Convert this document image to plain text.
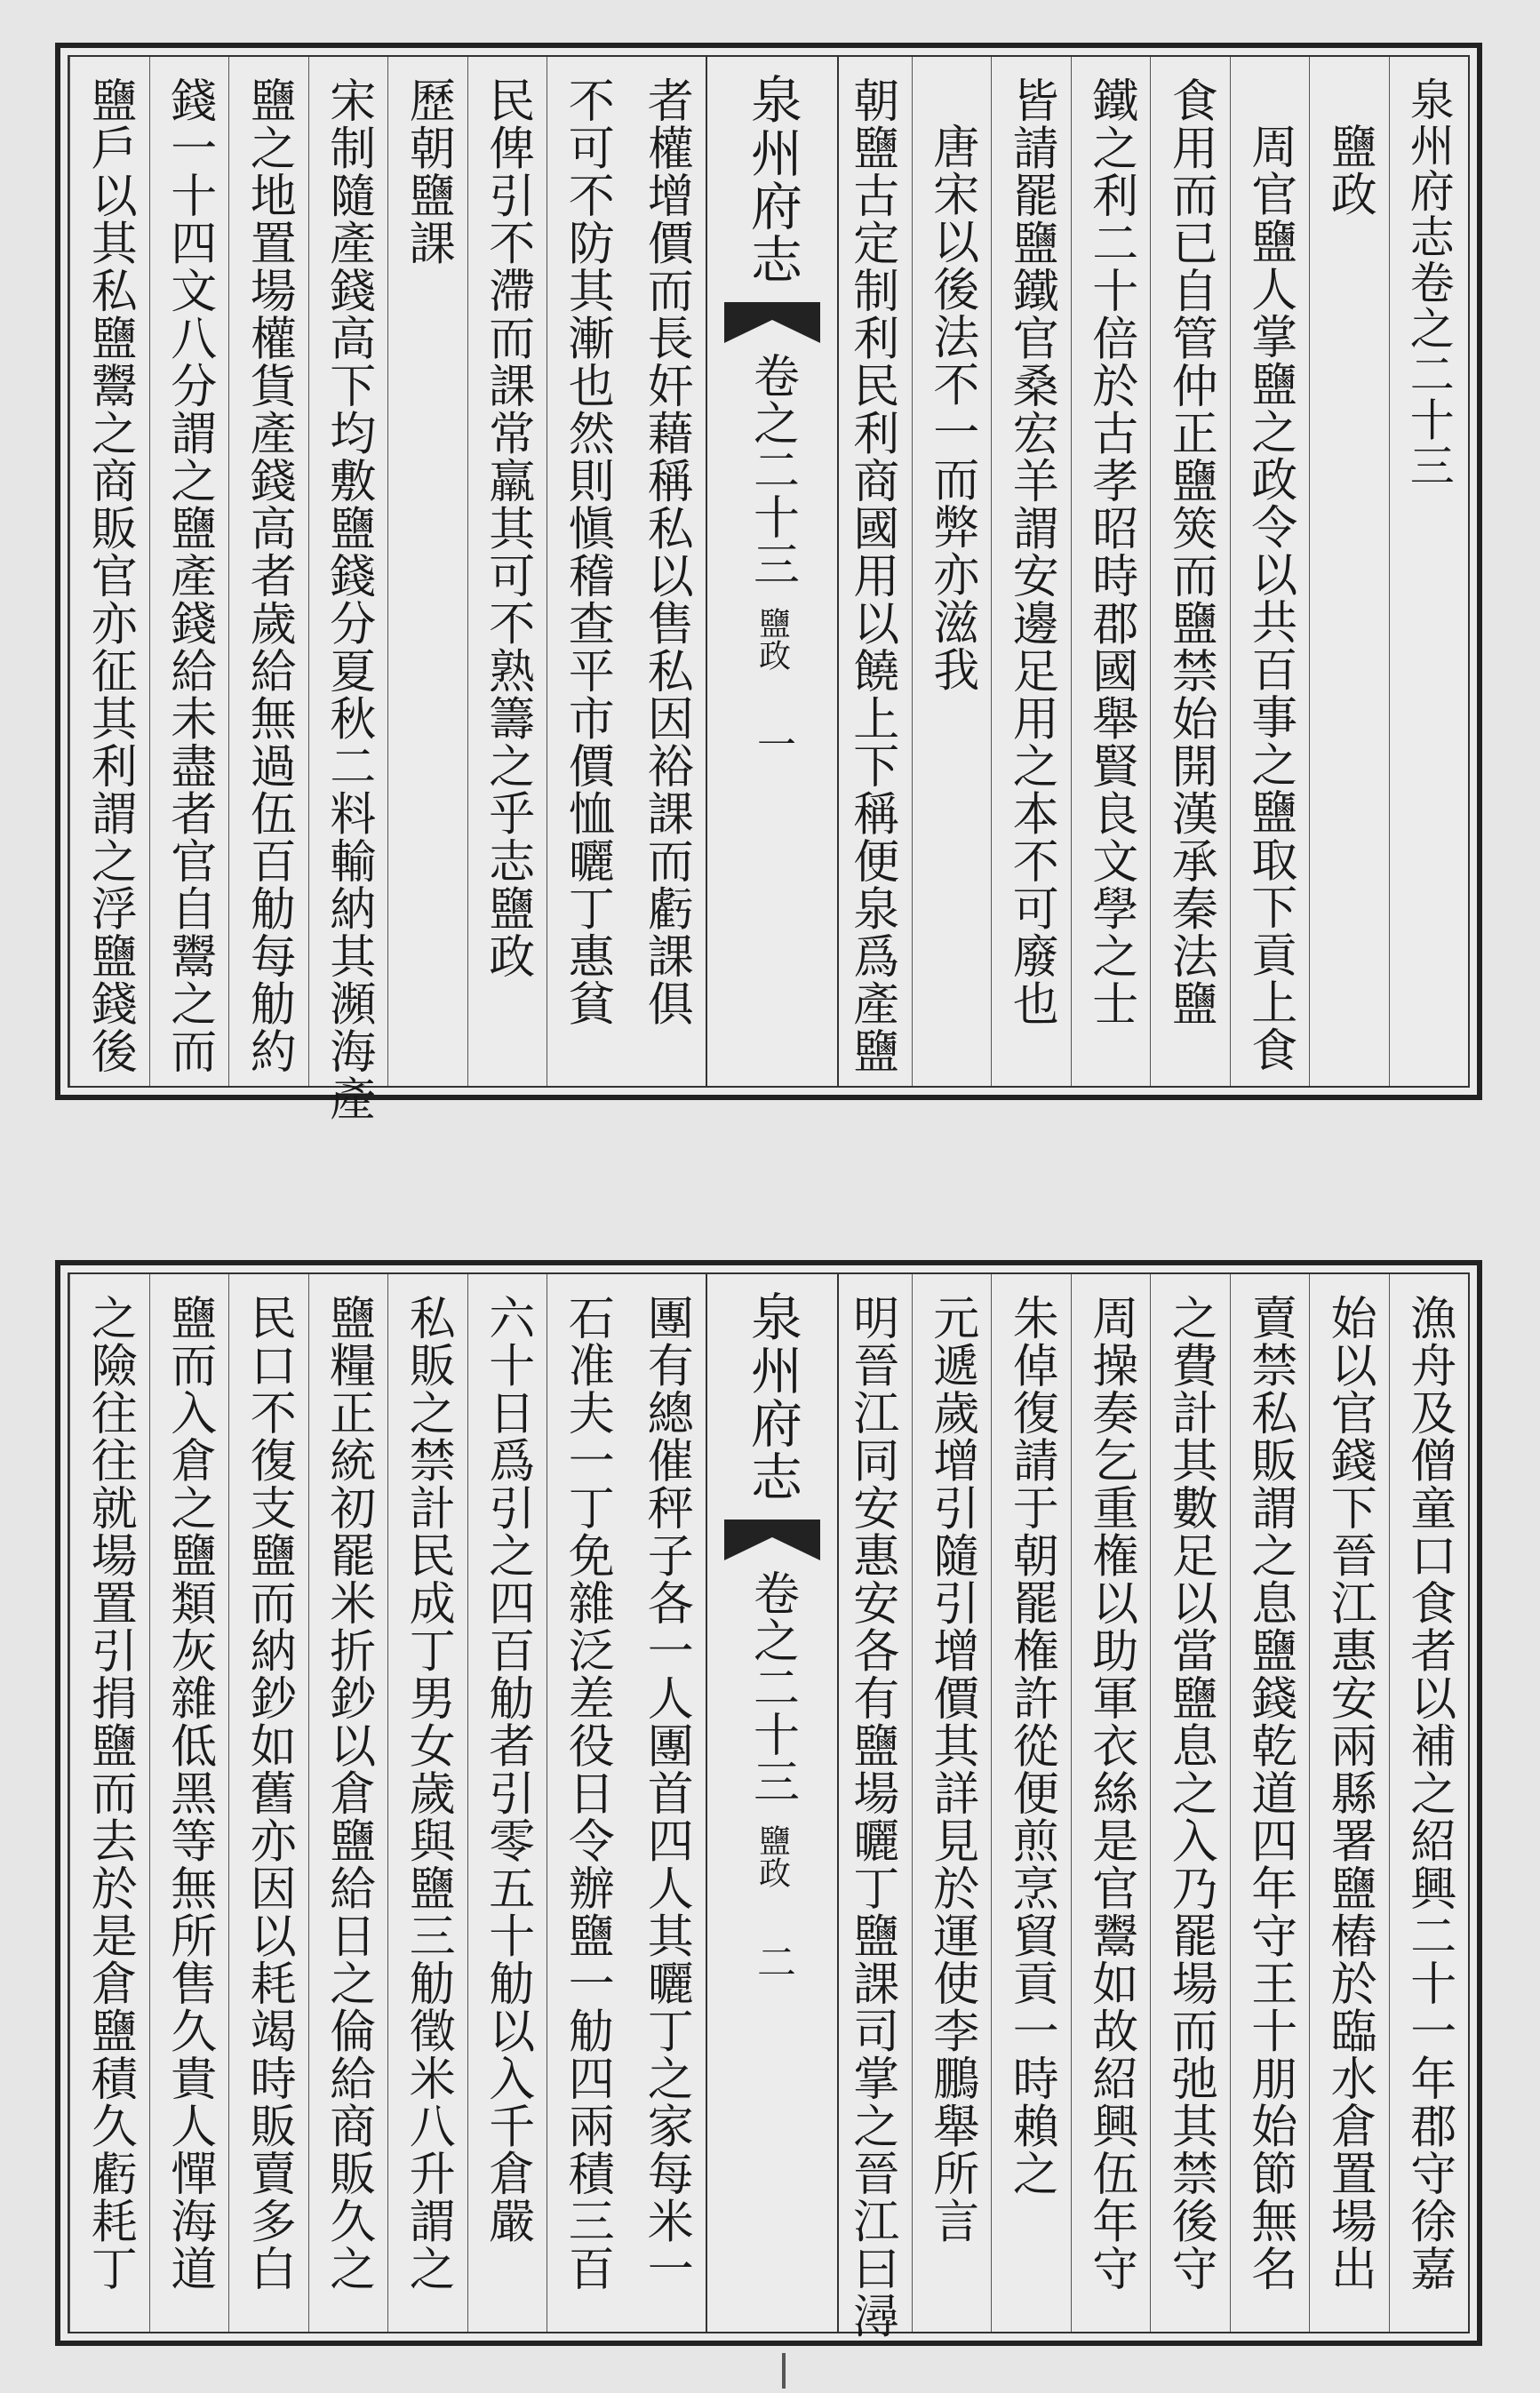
泉州府志卷之二十三
鹽政
周官鹽人掌鹽之政令以共百事之鹽取下貢上食
食用而已自管仲正鹽筴而鹽禁始開漢承秦法鹽
鐵之利二十倍於古孝昭時郡國舉賢良文學之士
皆請罷鹽鐵官桑宏羊謂安邊足用之本不可廢也
唐宋以後法不一而弊亦滋我
朝鹽古定制利民利商國用以饒上下稱便泉爲產鹽
泉州府志
卷之二十三
鹽政
一
者權增價而長奸藉稱私以售私因裕課而虧課俱
不可不防其漸也然則愼稽查平市價恤曬丁惠貧
民俾引不滯而課常羸其可不熟籌之乎志鹽政
歷朝鹽課
宋制隨產錢高下均敷鹽錢分夏秋二料輸納其瀕海產
鹽之地置場權貨產錢高者歲給無過伍百觔每觔約
錢一十四文八分謂之鹽產錢給未盡者官自鬻之而
鹽戶以其私鹽鬻之商販官亦征其利謂之浮鹽錢後
漁舟及僧童口食者以補之紹興二十一年郡守徐嘉
始以官錢下晉江惠安兩縣署鹽樁於臨水倉置場出
賣禁私販謂之息鹽錢乾道四年守王十朋始節無名
之費計其數足以當鹽息之入乃罷場而弛其禁後守
周操奏乞重権以助軍衣絲是官鬻如故紹興伍年守
朱倬復請于朝罷権許從便煎烹貿貢一時賴之
元遞歲增引隨引增價其詳見於運使李鵬舉所言
明晉江同安惠安各有鹽場曬丁鹽課司掌之晉江曰潯
泉州府志
卷之二十三
鹽政
二
團有總催秤子各一人團首四人其曬丁之家每米一
石准夫一丁免雜泛差役日令辦鹽一觔四兩積三百
六十日爲引之四百觔者引零五十觔以入千倉嚴
私販之禁計民成丁男女歲與鹽三觔徵米八升謂之
鹽糧正統初罷米折鈔以倉鹽給日之倫給商販久之
民口不復支鹽而納鈔如舊亦因以耗竭時販賣多白
鹽而入倉之鹽類灰雜低黑等無所售久貴人憚海道
之險往往就場置引捐鹽而去於是倉鹽積久虧耗丁
